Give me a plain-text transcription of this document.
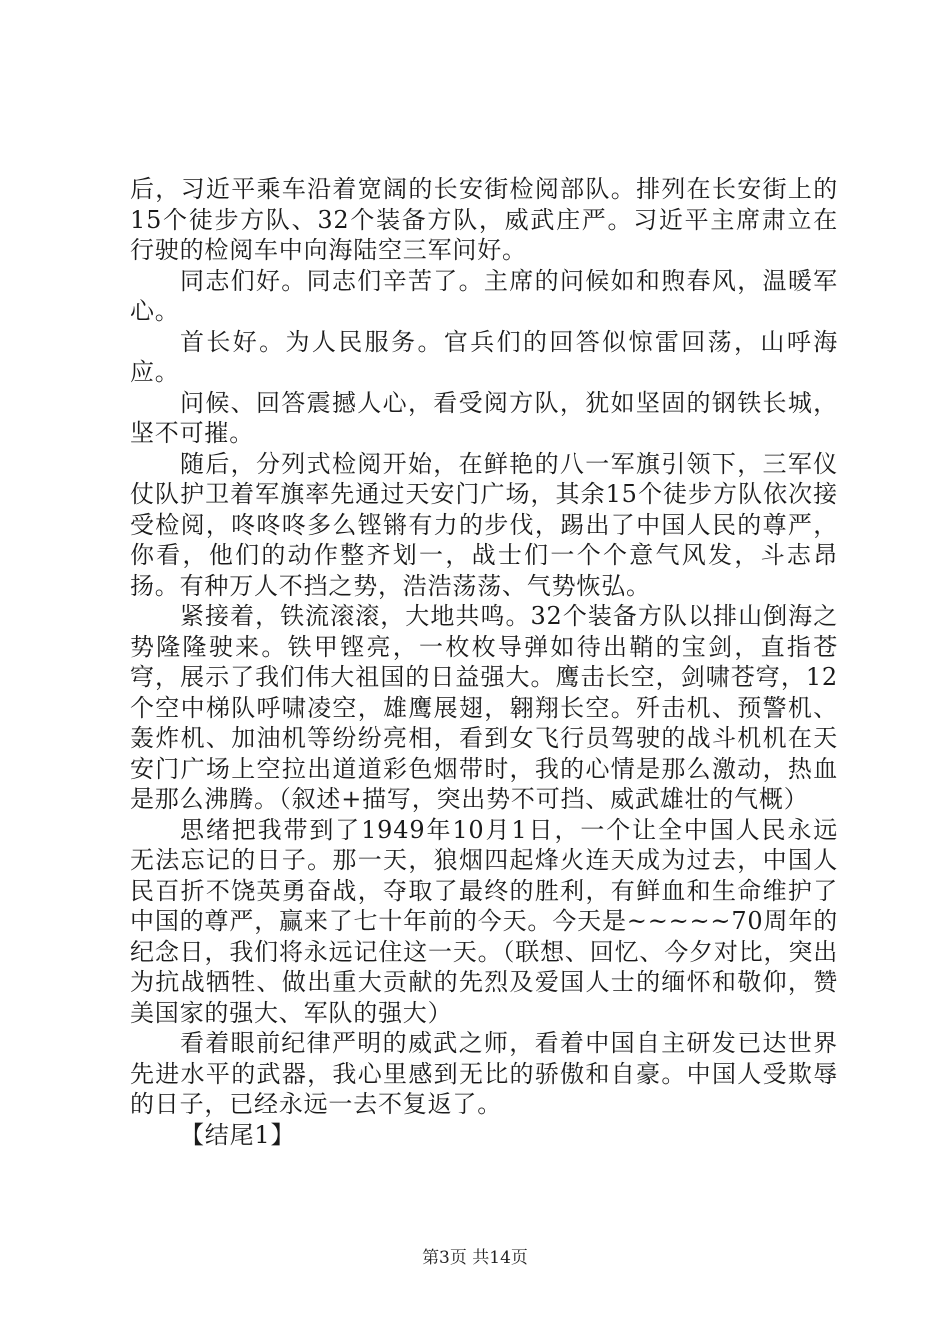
后，习近平乘车沿着宽阔的长安街检阅部队。排列在长安街上的15个徒步方队、32个装备方队，威武庄严。习近平主席肃立在行驶的检阅车中向海陆空三军问好。

同志们好。同志们辛苦了。主席的问候如和煦春风，温暖军心。

首长好。为人民服务。官兵们的回答似惊雷回荡，山呼海应。

问候、回答震撼人心，看受阅方队，犹如坚固的钢铁长城，坚不可摧。

随后，分列式检阅开始，在鲜艳的八一军旗引领下，三军仪仗队护卫着军旗率先通过天安门广场，其余15个徒步方队依次接受检阅，咚咚咚多么铿锵有力的步伐，踢出了中国人民的尊严，你看，他们的动作整齐划一，战士们一个个意气风发，斗志昂扬。有种万人不挡之势，浩浩荡荡、气势恢弘。

紧接着，铁流滚滚，大地共鸣。32个装备方队以排山倒海之势隆隆驶来。铁甲铿亮，一枚枚导弹如待出鞘的宝剑，直指苍穹，展示了我们伟大祖国的日益强大。鹰击长空，剑啸苍穹，12个空中梯队呼啸凌空，雄鹰展翅，翱翔长空。歼击机、预警机、轰炸机、加油机等纷纷亮相，看到女飞行员驾驶的战斗机机在天安门广场上空拉出道道彩色烟带时，我的心情是那么激动，热血是那么沸腾。（叙述+描写，突出势不可挡、威武雄壮的气概）

思绪把我带到了1949年10月1日，一个让全中国人民永远无法忘记的日子。那一天，狼烟四起烽火连天成为过去，中国人民百折不饶英勇奋战，夺取了最终的胜利，有鲜血和生命维护了中国的尊严，赢来了七十年前的今天。今天是~~~~~70周年的纪念日，我们将永远记住这一天。（联想、回忆、今夕对比，突出为抗战牺牲、做出重大贡献的先烈及爱国人士的缅怀和敬仰，赞美国家的强大、军队的强大）

看着眼前纪律严明的威武之师，看着中国自主研发已达世界先进水平的武器，我心里感到无比的骄傲和自豪。中国人受欺辱的日子，已经永远一去不复返了。

【结尾1】

第3页 共14页
